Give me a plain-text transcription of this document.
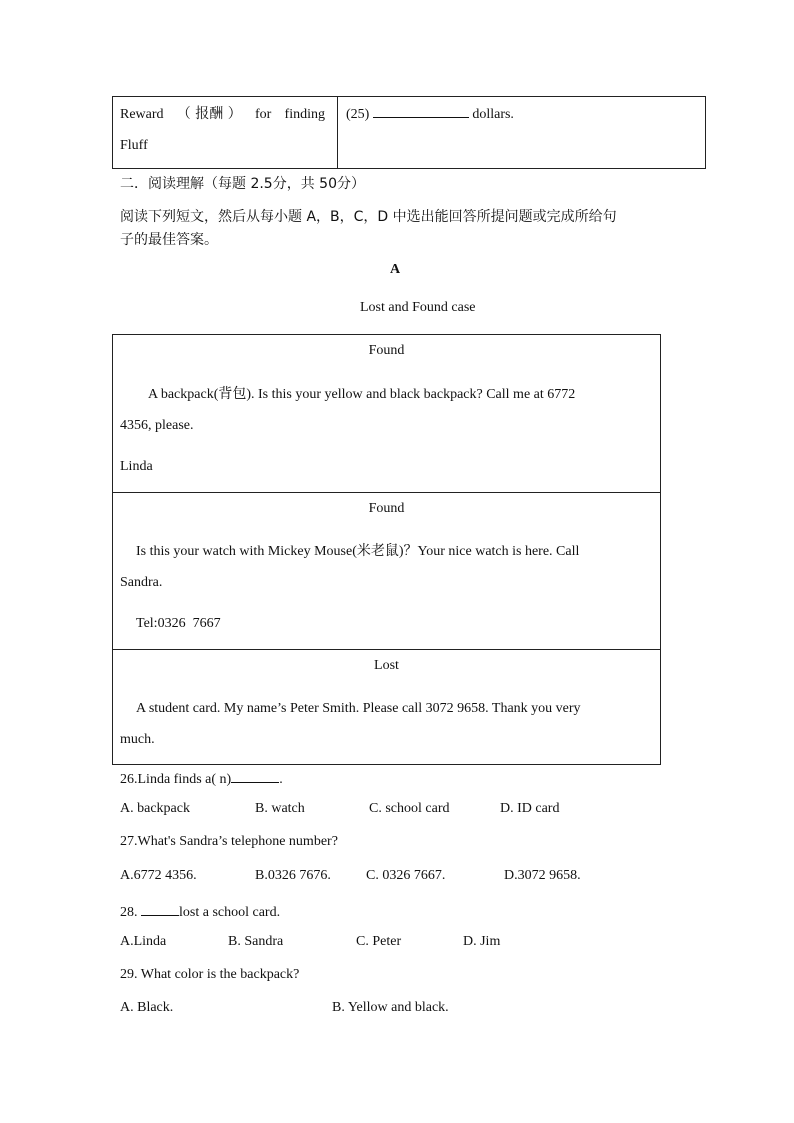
Reward （ 报酬 ） for finding
Fluff
(25)	dollars.
二．阅读理解（每题 2.5分，共 50分）
阅读下列短文，然后从每小题 A，B，C，D 中选出能回答所提问题或完成所给句
子的最佳答案。
A
Lost and Found case
Found
A backpack(背包). Is this your yellow and black backpack? Call me at 6772
4356, please.
Linda
Found
Is this your watch with Mickey Mouse(米老鼠)？Your nice watch is here. Call
Sandra.
Tel:0326  7667
Lost
A student card. My name’s Peter Smith. Please call 3072 9658. Thank you very
much.
26.Linda finds a( n)	.
A. backpack	B. watch	C. school card	D. ID card
27.What's Sandra’s telephone number?
A.6772 4356.	B.0326 7676.	C. 0326 7667.	D.3072 9658.
28.	lost a school card.
A.Linda	B. Sandra	C. Peter	D. Jim
29. What color is the backpack?
A. Black.	B. Yellow and black.
